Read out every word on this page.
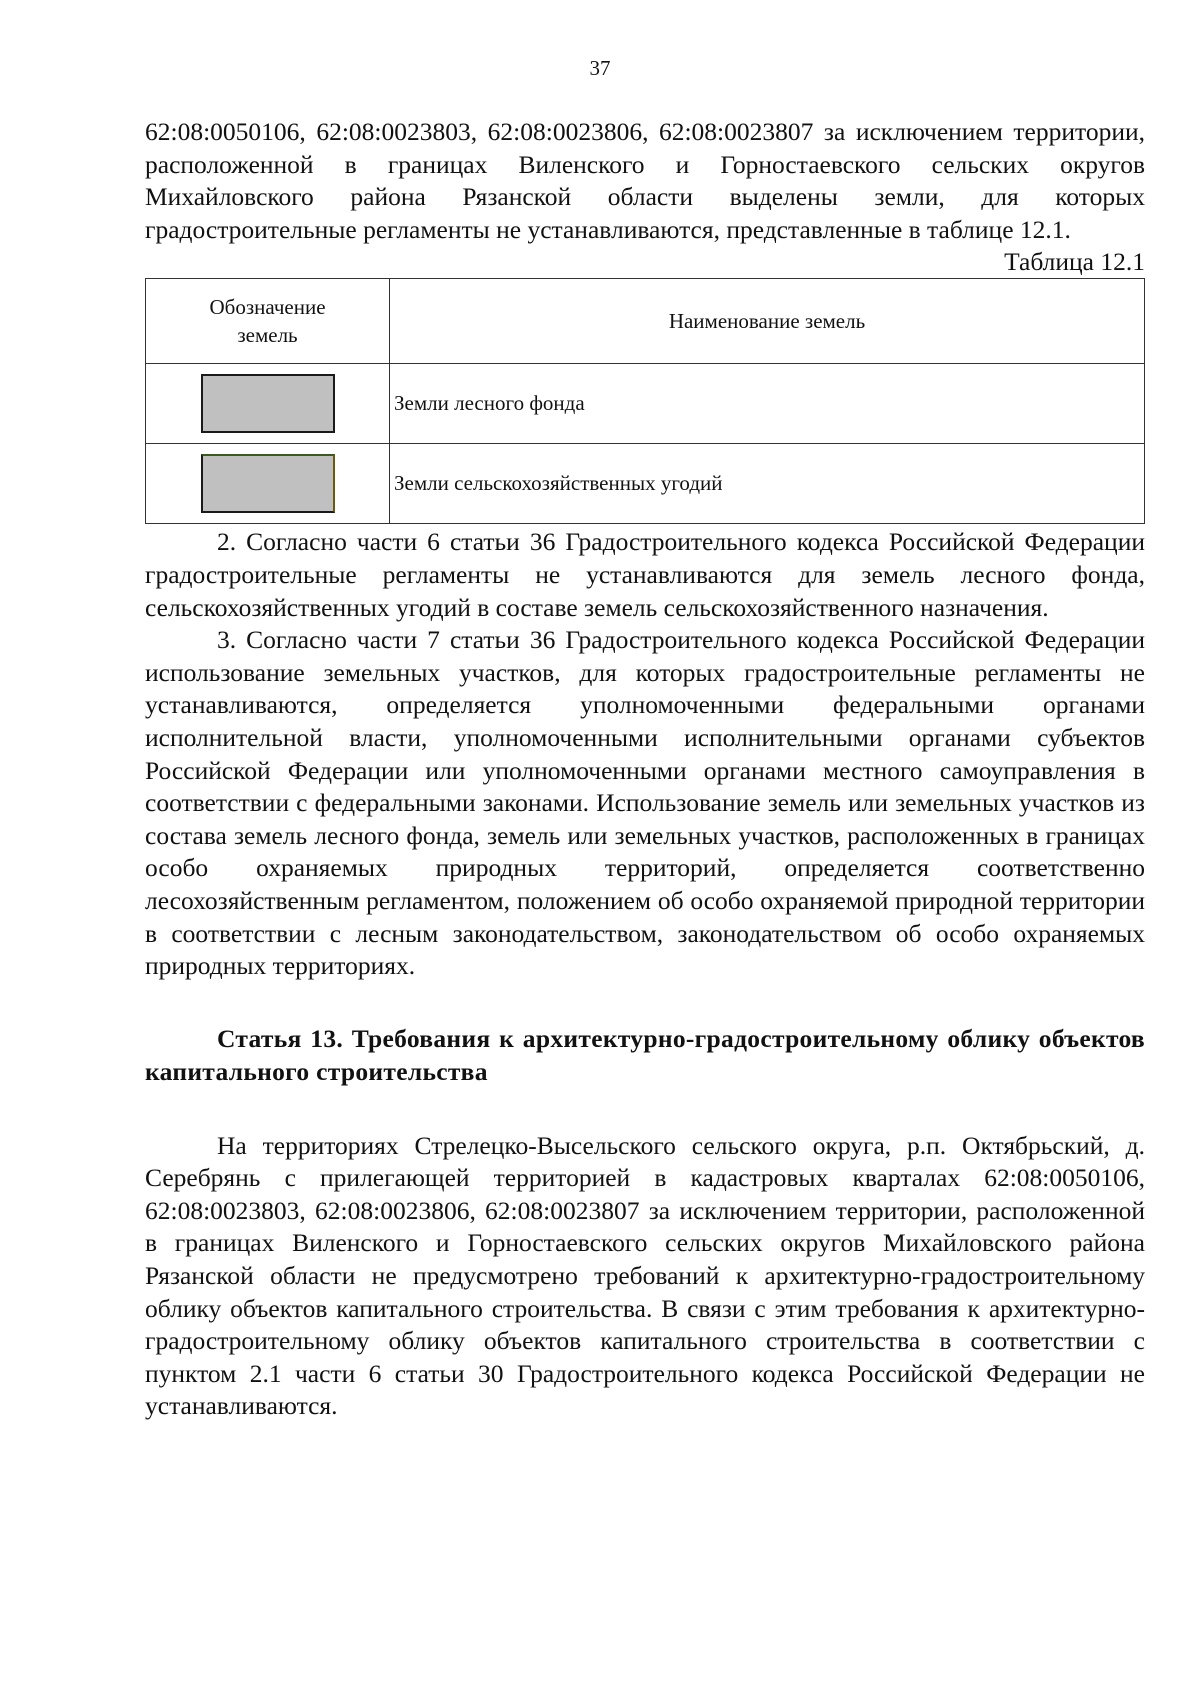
37

62:08:0050106, 62:08:0023803, 62:08:0023806, 62:08:0023807 за исключением территории, расположенной в границах Виленского и Горностаевского сельских округов Михайловского района Рязанской области выделены земли, для которых градостроительные регламенты не устанавливаются, представленные в таблице 12.1.

Таблица 12.1
Обозначение земель	Наименование земель

	Земли лесного фонда

	Земли сельскохозяйственных угодий

2. Согласно части 6 статьи 36 Градостроительного кодекса Российской Федерации градостроительные регламенты не устанавливаются для земель лесного фонда, сельскохозяйственных угодий в составе земель сельскохозяйственного назначения.

3. Согласно части 7 статьи 36 Градостроительного кодекса Российской Федерации использование земельных участков, для которых градостроительные регламенты не устанавливаются, определяется уполномоченными федеральными органами исполнительной власти, уполномоченными исполнительными органами субъектов Российской Федерации или уполномоченными органами местного самоуправления в соответствии с федеральными законами. Использование земель или земельных участков из состава земель лесного фонда, земель или земельных участков, расположенных в границах особо охраняемых природных территорий, определяется соответственно лесохозяйственным регламентом, положением об особо охраняемой природной территории в соответствии с лесным законодательством, законодательством об особо охраняемых природных территориях.

Статья 13. Требования к архитектурно-градостроительному облику объектов капитального строительства

На территориях Стрелецко-Высельского сельского округа, р.п. Октябрьский, д. Серебрянь с прилегающей территорией в кадастровых кварталах 62:08:0050106, 62:08:0023803, 62:08:0023806, 62:08:0023807 за исключением территории, расположенной в границах Виленского и Горностаевского сельских округов Михайловского района Рязанской области не предусмотрено требований к архитектурно-градостроительному облику объектов капитального строительства. В связи с этим требования к архитектурно-градостроительному облику объектов капитального строительства в соответствии с пунктом 2.1 части 6 статьи 30 Градостроительного кодекса Российской Федерации не устанавливаются.
